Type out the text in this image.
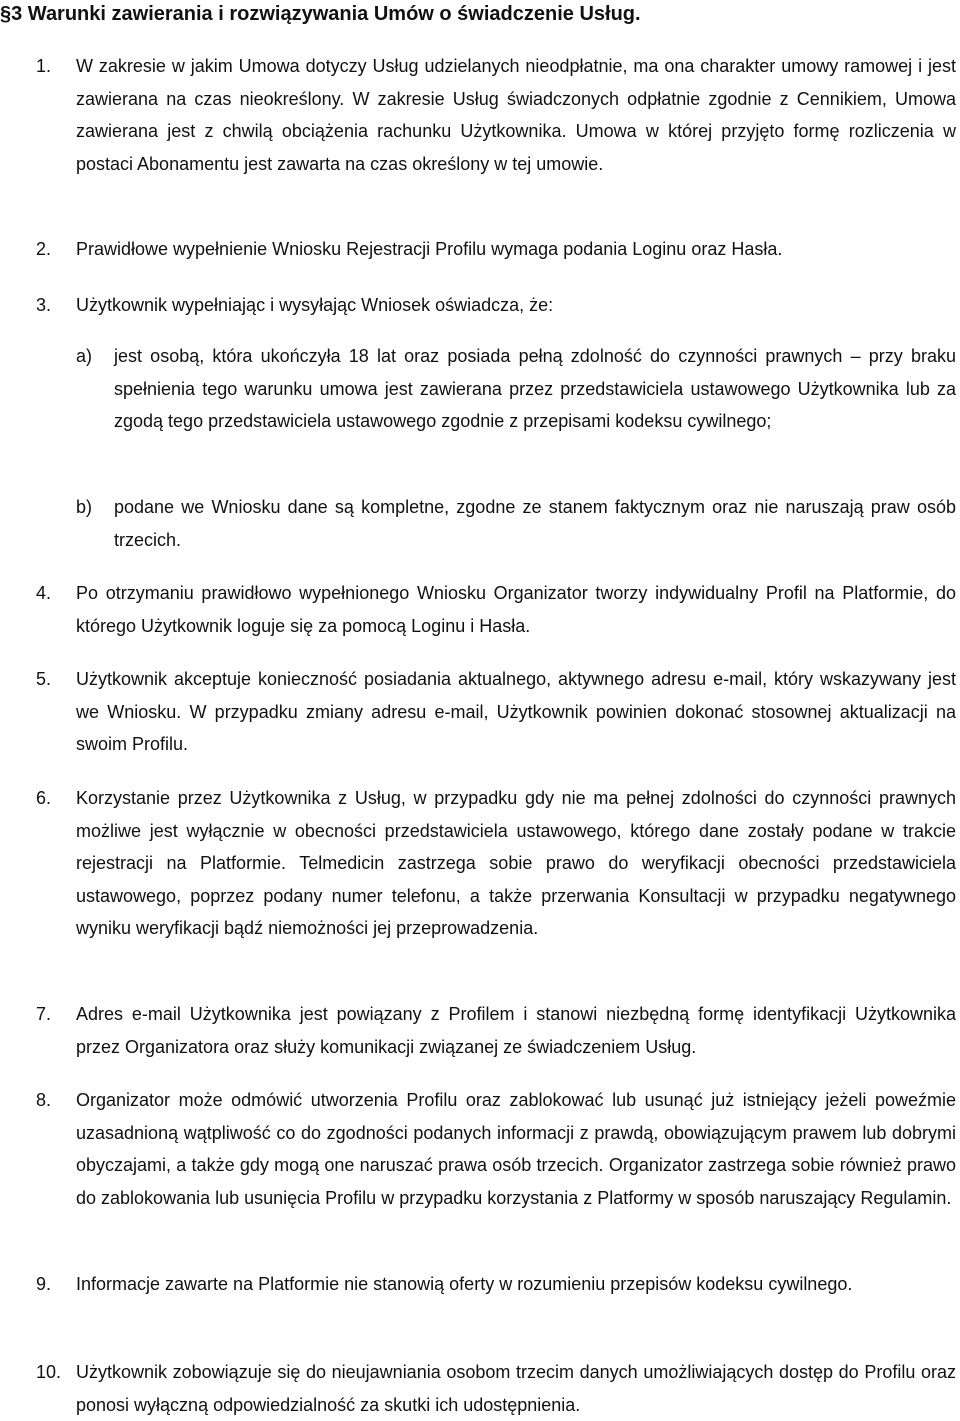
§3 Warunki zawierania i rozwiązywania Umów o świadczenie Usług.
1. W zakresie w jakim Umowa dotyczy Usług udzielanych nieodpłatnie, ma ona charakter umowy ramowej i jest zawierana na czas nieokreślony. W zakresie Usług świadczonych odpłatnie zgodnie z Cennikiem, Umowa zawierana jest z chwilą obciążenia rachunku Użytkownika. Umowa w której przyjęto formę rozliczenia w postaci Abonamentu jest zawarta na czas określony w tej umowie.

2. Prawidłowe wypełnienie Wniosku Rejestracji Profilu wymaga podania Loginu oraz Hasła.

3. Użytkownik wypełniając i wysyłając Wniosek oświadcza, że:

a) jest osobą, która ukończyła 18 lat oraz posiada pełną zdolność do czynności prawnych – przy braku spełnienia tego warunku umowa jest zawierana przez przedstawiciela ustawowego Użytkownika lub za zgodą tego przedstawiciela ustawowego zgodnie z przepisami kodeksu cywilnego;

b) podane we Wniosku dane są kompletne, zgodne ze stanem faktycznym oraz nie naruszają praw osób trzecich.

4. Po otrzymaniu prawidłowo wypełnionego Wniosku Organizator tworzy indywidualny Profil na Platformie, do którego Użytkownik loguje się za pomocą Loginu i Hasła.

5. Użytkownik akceptuje konieczność posiadania aktualnego, aktywnego adresu e-mail, który wskazywany jest we Wniosku. W przypadku zmiany adresu e-mail, Użytkownik powinien dokonać stosownej aktualizacji na swoim Profilu.

6. Korzystanie przez Użytkownika z Usług, w przypadku gdy nie ma pełnej zdolności do czynności prawnych możliwe jest wyłącznie w obecności przedstawiciela ustawowego, którego dane zostały podane w trakcie rejestracji na Platformie. Telmedicin zastrzega sobie prawo do weryfikacji obecności przedstawiciela ustawowego, poprzez podany numer telefonu, a także przerwania Konsultacji w przypadku negatywnego wyniku weryfikacji bądź niemożności jej przeprowadzenia.

7. Adres e-mail Użytkownika jest powiązany z Profilem i stanowi niezbędną formę identyfikacji Użytkownika przez Organizatora oraz służy komunikacji związanej ze świadczeniem Usług.

8. Organizator może odmówić utworzenia Profilu oraz zablokować lub usunąć już istniejący jeżeli poweźmie uzasadnioną wątpliwość co do zgodności podanych informacji z prawdą, obowiązującym prawem lub dobrymi obyczajami, a także gdy mogą one naruszać prawa osób trzecich. Organizator zastrzega sobie również prawo do zablokowania lub usunięcia Profilu w przypadku korzystania z Platformy w sposób naruszający Regulamin.

9. Informacje zawarte na Platformie nie stanowią oferty w rozumieniu przepisów kodeksu cywilnego.

10. Użytkownik zobowiązuje się do nieujawniania osobom trzecim danych umożliwiających dostęp do Profilu oraz ponosi wyłączną odpowiedzialność za skutki ich udostępnienia.
